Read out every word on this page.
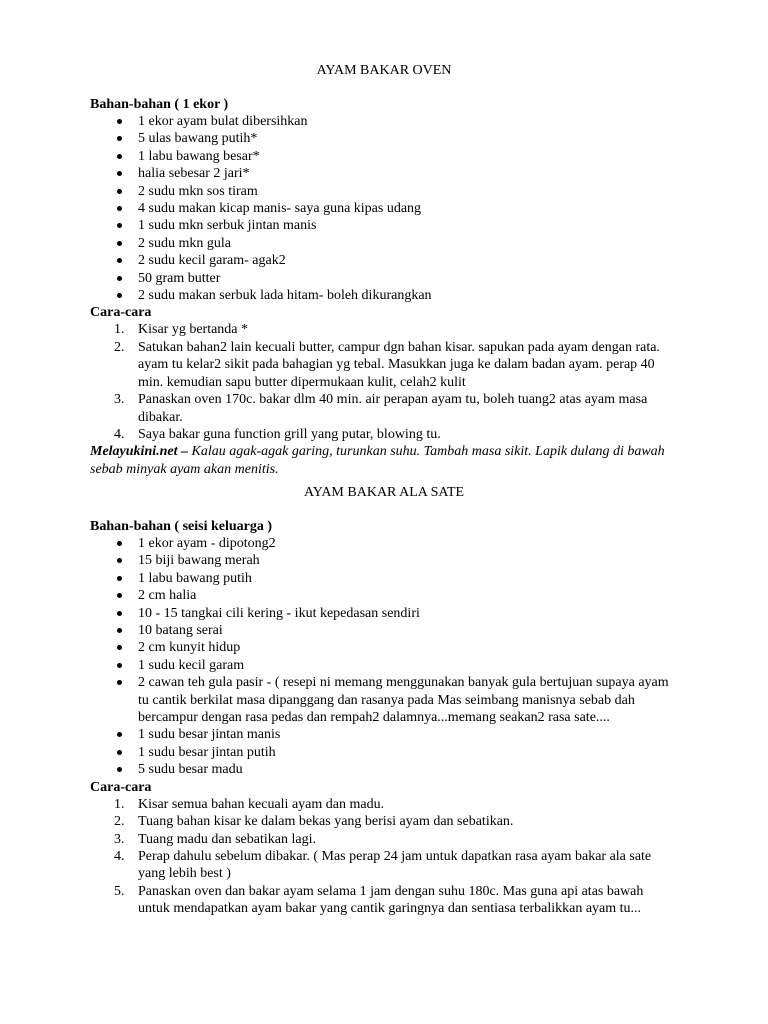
AYAM BAKAR OVEN

Bahan-bahan ( 1 ekor )

1 ekor ayam bulat dibersihkan
5 ulas bawang putih*
1 labu bawang besar*
halia sebesar 2 jari*
2 sudu mkn sos tiram
4 sudu makan kicap manis- saya guna kipas udang
1 sudu mkn serbuk jintan manis
2 sudu mkn gula
2 sudu kecil garam- agak2
50 gram butter
2 sudu makan serbuk lada hitam- boleh dikurangkan

Cara-cara

1. Kisar yg bertanda *
2. Satukan bahan2 lain kecuali butter, campur dgn bahan kisar. sapukan pada ayam dengan rata. ayam tu kelar2 sikit pada bahagian yg tebal. Masukkan juga ke dalam badan ayam. perap 40 min. kemudian sapu butter dipermukaan kulit, celah2 kulit
3. Panaskan oven 170c. bakar dlm 40 min. air perapan ayam tu, boleh tuang2 atas ayam masa dibakar.
4. Saya bakar guna function grill yang putar, blowing tu.

Melayukini.net – Kalau agak-agak garing, turunkan suhu. Tambah masa sikit. Lapik dulang di bawah sebab minyak ayam akan menitis.

AYAM BAKAR ALA SATE

Bahan-bahan ( seisi keluarga )

1 ekor ayam - dipotong2
15 biji bawang merah
1 labu bawang putih
2 cm halia
10 - 15 tangkai cili kering - ikut kepedasan sendiri
10 batang serai
2 cm kunyit hidup
1 sudu kecil garam
2 cawan teh gula pasir - ( resepi ni memang menggunakan banyak gula bertujuan supaya ayam tu cantik berkilat masa dipanggang dan rasanya pada Mas seimbang manisnya sebab dah bercampur dengan rasa pedas dan rempah2 dalamnya...memang seakan2 rasa sate....
1 sudu besar jintan manis
1 sudu besar jintan putih
5 sudu besar madu

Cara-cara

1. Kisar semua bahan kecuali ayam dan madu.
2. Tuang bahan kisar ke dalam bekas yang berisi ayam dan sebatikan.
3. Tuang madu dan sebatikan lagi.
4. Perap dahulu sebelum dibakar. ( Mas perap 24 jam untuk dapatkan rasa ayam bakar ala sate yang lebih best )
5. Panaskan oven dan bakar ayam selama 1 jam dengan suhu 180c. Mas guna api atas bawah untuk mendapatkan ayam bakar yang cantik garingnya dan sentiasa terbalikkan ayam tu...
